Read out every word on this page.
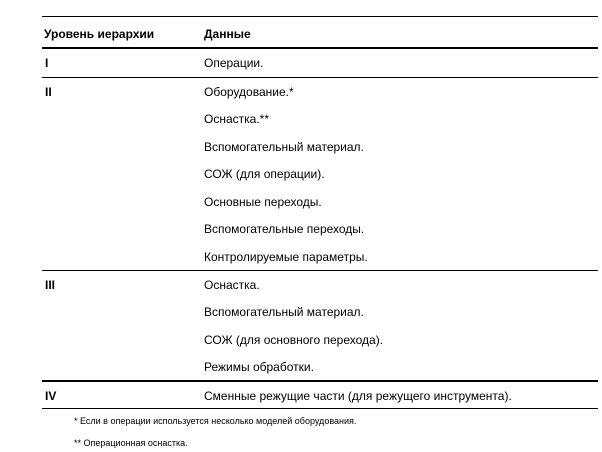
Уровень иерархии	Данные
I	Операции.
II	Оборудование.*
Оснастка.**
Вспомогательный материал.
СОЖ (для операции).
Основные переходы.
Вспомогательные переходы.
Контролируемые параметры.
III	Оснастка.
Вспомогательный материал.
СОЖ (для основного перехода).
Режимы обработки.
IV	Сменные режущие части (для режущего инструмента).
* Если в операции используется несколько моделей оборудования.
** Операционная оснастка.
